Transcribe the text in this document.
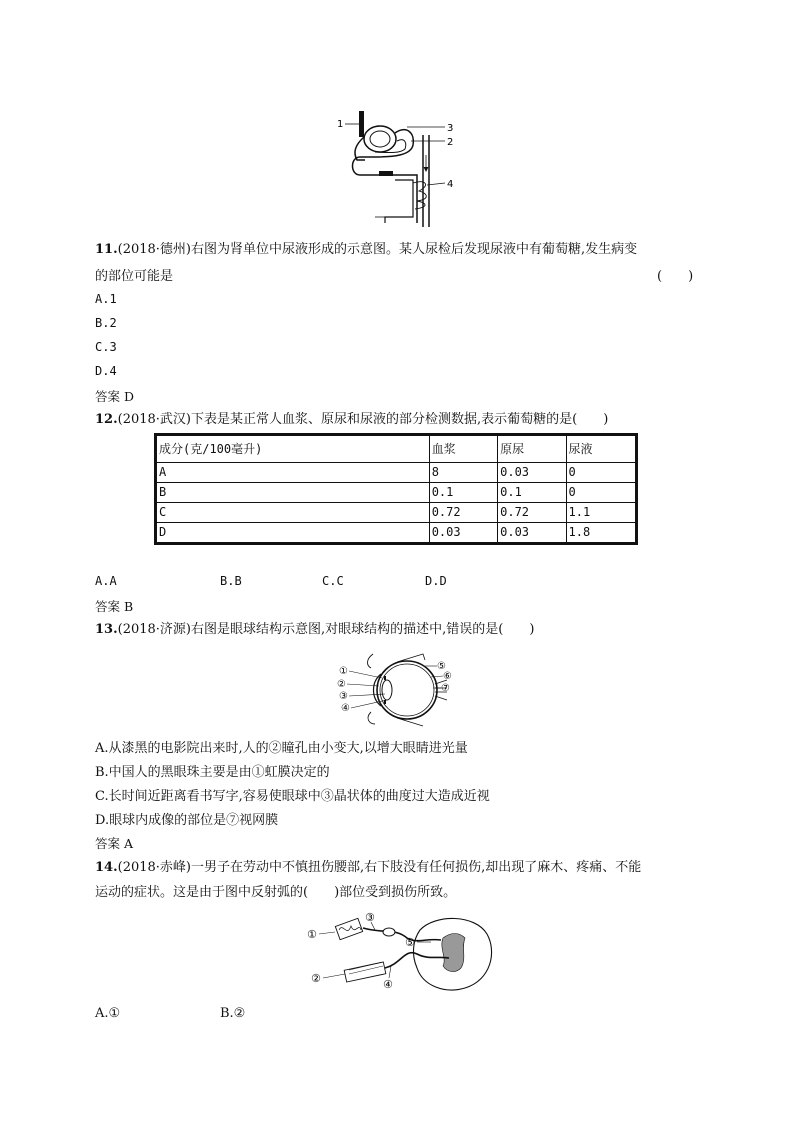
1	3
2
4
11.(2018·德州)右图为肾单位中尿液形成的示意图。某人尿检后发现尿液中有葡萄糖,发生病变
的部位可能是	(　　)
A.1
B.2
C.3
D.4
答案 D
12.(2018·武汉)下表是某正常人血浆、原尿和尿液的部分检测数据,表示葡萄糖的是(　　)
成分(克/100毫升)	血浆	原尿	尿液
A	8	0.03	0
B	0.1	0.1	0
C	0.72	0.72	1.1
D	0.03	0.03	1.8
A.A	B.B	C.C	D.D
答案 B
13.(2018·济源)右图是眼球结构示意图,对眼球结构的描述中,错误的是(　　)
①
②
③
④
⑤
⑥
⑦
A.从漆黑的电影院出来时,人的②瞳孔由小变大,以增大眼睛进光量
B.中国人的黑眼珠主要是由①虹膜决定的
C.长时间近距离看书写字,容易使眼球中③晶状体的曲度过大造成近视
D.眼球内成像的部位是⑦视网膜
答案 A
14.(2018·赤峰)一男子在劳动中不慎扭伤腰部,右下肢没有任何损伤,却出现了麻木、疼痛、不能
运动的症状。这是由于图中反射弧的(　　)部位受到损伤所致。
①
②
③
④
⑤
A.①	B.②
